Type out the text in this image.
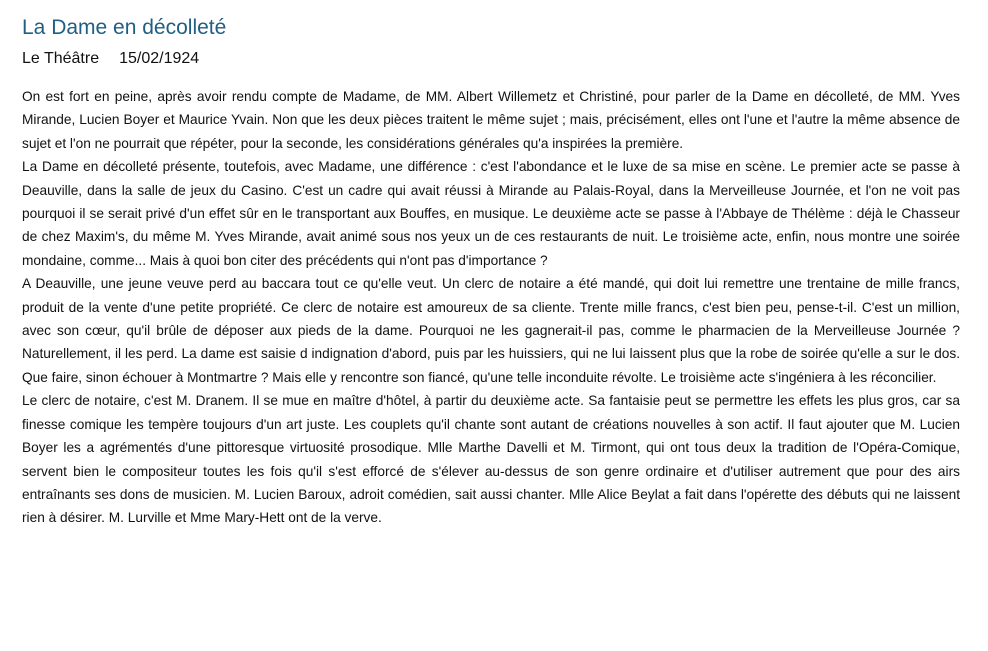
La Dame en décolleté
Le Théâtre 15/02/1924

On est fort en peine, après avoir rendu compte de Madame, de MM. Albert Willemetz et Christiné, pour parler de la Dame en décolleté, de MM. Yves Mirande, Lucien Boyer et Maurice Yvain. Non que les deux pièces traitent le même sujet ; mais, précisément, elles ont l'une et l'autre la même absence de sujet et l'on ne pourrait que répéter, pour la seconde, les considérations générales qu'a inspirées la première.

La Dame en décolleté présente, toutefois, avec Madame, une différence : c'est l'abondance et le luxe de sa mise en scène. Le premier acte se passe à Deauville, dans la salle de jeux du Casino. C'est un cadre qui avait réussi à Mirande au Palais-Royal, dans la Merveilleuse Journée, et l'on ne voit pas pourquoi il se serait privé d'un effet sûr en le transportant aux Bouffes, en musique. Le deuxième acte se passe à l'Abbaye de Thélème : déjà le Chasseur de chez Maxim's, du même M. Yves Mirande, avait animé sous nos yeux un de ces restaurants de nuit. Le troisième acte, enfin, nous montre une soirée mondaine, comme... Mais à quoi bon citer des précédents qui n'ont pas d'importance ?

A Deauville, une jeune veuve perd au baccara tout ce qu'elle veut. Un clerc de notaire a été mandé, qui doit lui remettre une trentaine de mille francs, produit de la vente d'une petite propriété. Ce clerc de notaire est amoureux de sa cliente. Trente mille francs, c'est bien peu, pense-t-il. C'est un million, avec son cœur, qu'il brûle de déposer aux pieds de la dame. Pourquoi ne les gagnerait-il pas, comme le pharmacien de la Merveilleuse Journée ? Naturellement, il les perd. La dame est saisie d indignation d'abord, puis par les huissiers, qui ne lui laissent plus que la robe de soirée qu'elle a sur le dos. Que faire, sinon échouer à Montmartre ? Mais elle y rencontre son fiancé, qu'une telle inconduite révolte. Le troisième acte s'ingéniera à les réconcilier.

Le clerc de notaire, c'est M. Dranem. Il se mue en maître d'hôtel, à partir du deuxième acte. Sa fantaisie peut se permettre les effets les plus gros, car sa finesse comique les tempère toujours d'un art juste. Les couplets qu'il chante sont autant de créations nouvelles à son actif. Il faut ajouter que M. Lucien Boyer les a agrémentés d'une pittoresque virtuosité prosodique. Mlle Marthe Davelli et M. Tirmont, qui ont tous deux la tradition de l'Opéra-Comique, servent bien le compositeur toutes les fois qu'il s'est efforcé de s'élever au-dessus de son genre ordinaire et d'utiliser autrement que pour des airs entraînants ses dons de musicien. M. Lucien Baroux, adroit comédien, sait aussi chanter. Mlle Alice Beylat a fait dans l'opérette des débuts qui ne laissent rien à désirer. M. Lurville et Mme Mary-Hett ont de la verve.
